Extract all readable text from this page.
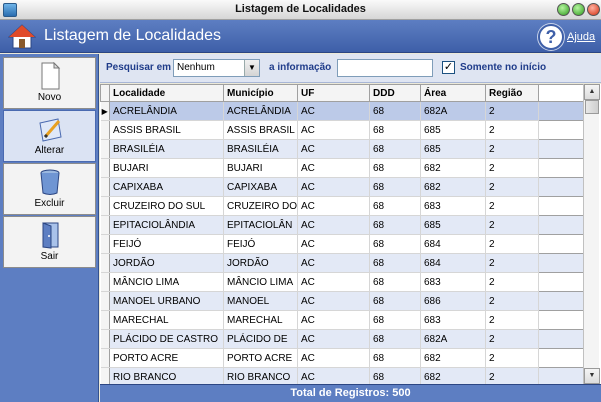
Listagem de Localidades
Listagem de Localidades	? Ajuda
Novo
Alterar
Excluir
Sair
Pesquisar em Nenhum	▼	a informação	✓ Somente no início
	Localidade	Município	UF	DDD	Área	Região	
▶	ACRELÂNDIA	ACRELÂNDIA	AC	68	682A	2	
	ASSIS BRASIL	ASSIS BRASIL	AC	68	685	2	
	BRASILÉIA	BRASILÉIA	AC	68	685	2	
	BUJARI	BUJARI	AC	68	682	2	
	CAPIXABA	CAPIXABA	AC	68	682	2	
	CRUZEIRO DO SUL	CRUZEIRO DO	AC	68	683	2	
	EPITACIOLÂNDIA	EPITACIOLÂN	AC	68	685	2	
	FEIJÓ	FEIJÓ	AC	68	684	2	
	JORDÃO	JORDÃO	AC	68	684	2	
	MÂNCIO LIMA	MÂNCIO LIMA	AC	68	683	2	
	MANOEL URBANO	MANOEL	AC	68	686	2	
	MARECHAL	MARECHAL	AC	68	683	2	
	PLÁCIDO DE CASTRO	PLÁCIDO DE	AC	68	682A	2	
	PORTO ACRE	PORTO ACRE	AC	68	682	2	
	RIO BRANCO	RIO BRANCO	AC	68	682	2	

▲
▼
Total de Registros: 500
